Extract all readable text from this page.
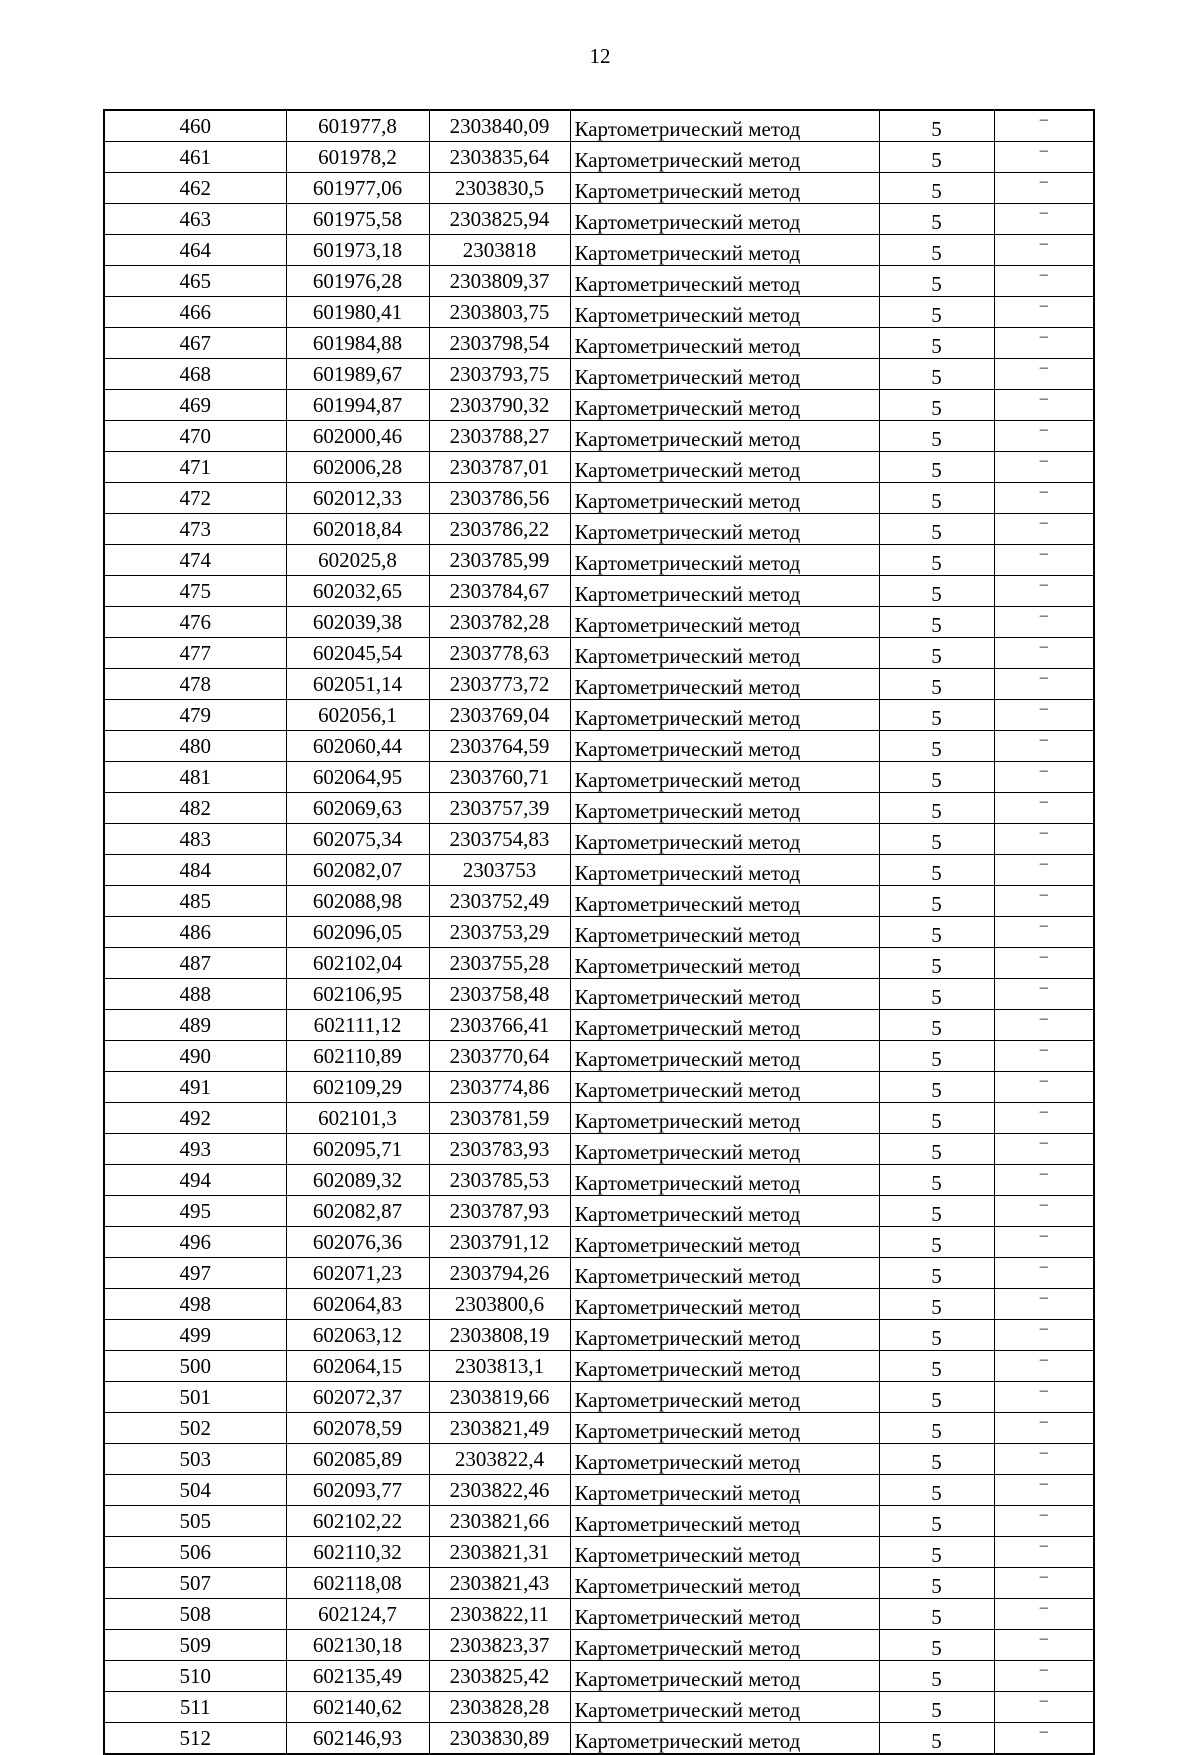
12
460	601977,8	2303840,09	Картометрический метод	5	–
461	601978,2	2303835,64	Картометрический метод	5	–
462	601977,06	2303830,5	Картометрический метод	5	–
463	601975,58	2303825,94	Картометрический метод	5	–
464	601973,18	2303818	Картометрический метод	5	–
465	601976,28	2303809,37	Картометрический метод	5	–
466	601980,41	2303803,75	Картометрический метод	5	–
467	601984,88	2303798,54	Картометрический метод	5	–
468	601989,67	2303793,75	Картометрический метод	5	–
469	601994,87	2303790,32	Картометрический метод	5	–
470	602000,46	2303788,27	Картометрический метод	5	–
471	602006,28	2303787,01	Картометрический метод	5	–
472	602012,33	2303786,56	Картометрический метод	5	–
473	602018,84	2303786,22	Картометрический метод	5	–
474	602025,8	2303785,99	Картометрический метод	5	–
475	602032,65	2303784,67	Картометрический метод	5	–
476	602039,38	2303782,28	Картометрический метод	5	–
477	602045,54	2303778,63	Картометрический метод	5	–
478	602051,14	2303773,72	Картометрический метод	5	–
479	602056,1	2303769,04	Картометрический метод	5	–
480	602060,44	2303764,59	Картометрический метод	5	–
481	602064,95	2303760,71	Картометрический метод	5	–
482	602069,63	2303757,39	Картометрический метод	5	–
483	602075,34	2303754,83	Картометрический метод	5	–
484	602082,07	2303753	Картометрический метод	5	–
485	602088,98	2303752,49	Картометрический метод	5	–
486	602096,05	2303753,29	Картометрический метод	5	–
487	602102,04	2303755,28	Картометрический метод	5	–
488	602106,95	2303758,48	Картометрический метод	5	–
489	602111,12	2303766,41	Картометрический метод	5	–
490	602110,89	2303770,64	Картометрический метод	5	–
491	602109,29	2303774,86	Картометрический метод	5	–
492	602101,3	2303781,59	Картометрический метод	5	–
493	602095,71	2303783,93	Картометрический метод	5	–
494	602089,32	2303785,53	Картометрический метод	5	–
495	602082,87	2303787,93	Картометрический метод	5	–
496	602076,36	2303791,12	Картометрический метод	5	–
497	602071,23	2303794,26	Картометрический метод	5	–
498	602064,83	2303800,6	Картометрический метод	5	–
499	602063,12	2303808,19	Картометрический метод	5	–
500	602064,15	2303813,1	Картометрический метод	5	–
501	602072,37	2303819,66	Картометрический метод	5	–
502	602078,59	2303821,49	Картометрический метод	5	–
503	602085,89	2303822,4	Картометрический метод	5	–
504	602093,77	2303822,46	Картометрический метод	5	–
505	602102,22	2303821,66	Картометрический метод	5	–
506	602110,32	2303821,31	Картометрический метод	5	–
507	602118,08	2303821,43	Картометрический метод	5	–
508	602124,7	2303822,11	Картометрический метод	5	–
509	602130,18	2303823,37	Картометрический метод	5	–
510	602135,49	2303825,42	Картометрический метод	5	–
511	602140,62	2303828,28	Картометрический метод	5	–
512	602146,93	2303830,89	Картометрический метод	5	–
